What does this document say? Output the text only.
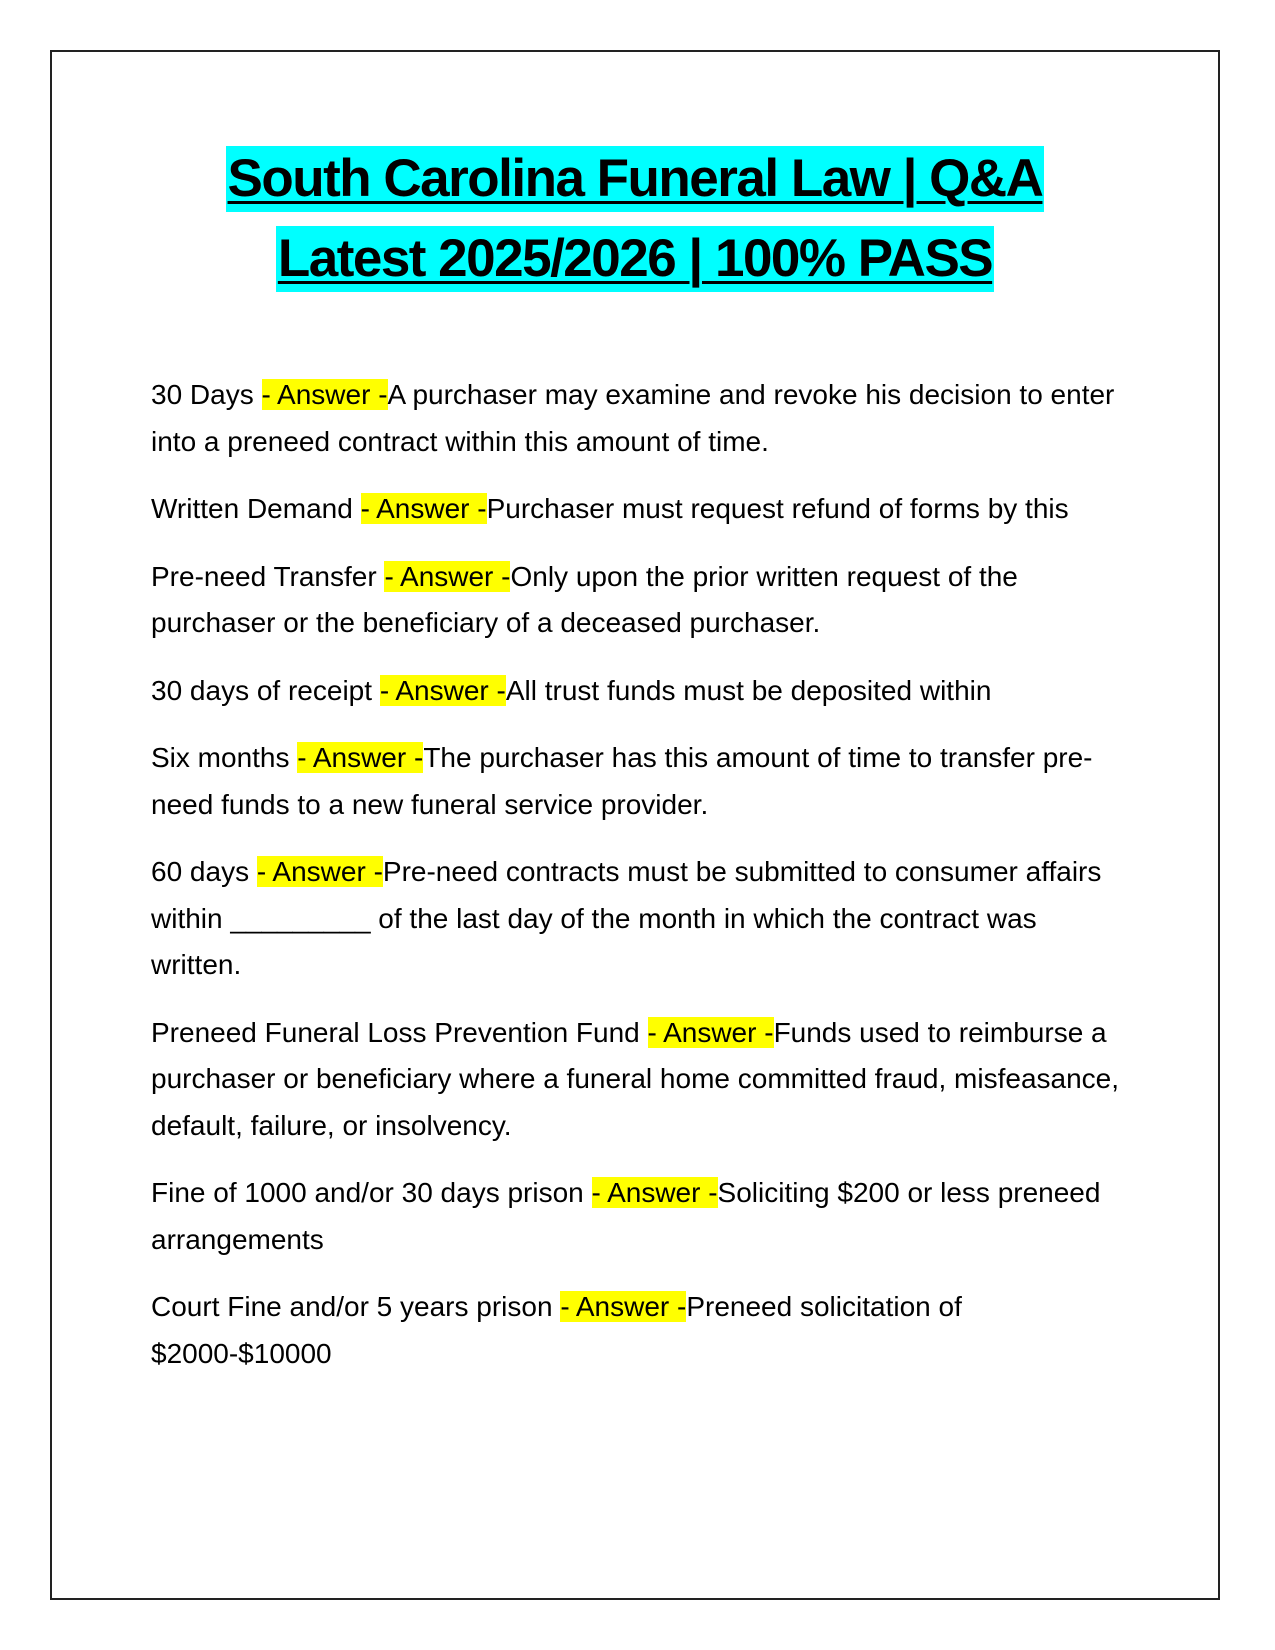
South Carolina Funeral Law | Q&A
Latest 2025/2026 | 100% PASS

30 Days - Answer -A purchaser may examine and revoke his decision to enter into a preneed contract within this amount of time.

Written Demand - Answer -Purchaser must request refund of forms by this

Pre-need Transfer - Answer -Only upon the prior written request of the purchaser or the beneficiary of a deceased purchaser.

30 days of receipt - Answer -All trust funds must be deposited within

Six months - Answer -The purchaser has this amount of time to transfer pre-need funds to a new funeral service provider.

60 days - Answer -Pre-need contracts must be submitted to consumer affairs within _________ of the last day of the month in which the contract was written.

Preneed Funeral Loss Prevention Fund - Answer -Funds used to reimburse a purchaser or beneficiary where a funeral home committed fraud, misfeasance, default, failure, or insolvency.

Fine of 1000 and/or 30 days prison - Answer -Soliciting $200 or less preneed arrangements

Court Fine and/or 5 years prison - Answer -Preneed solicitation of $2000-$10000
